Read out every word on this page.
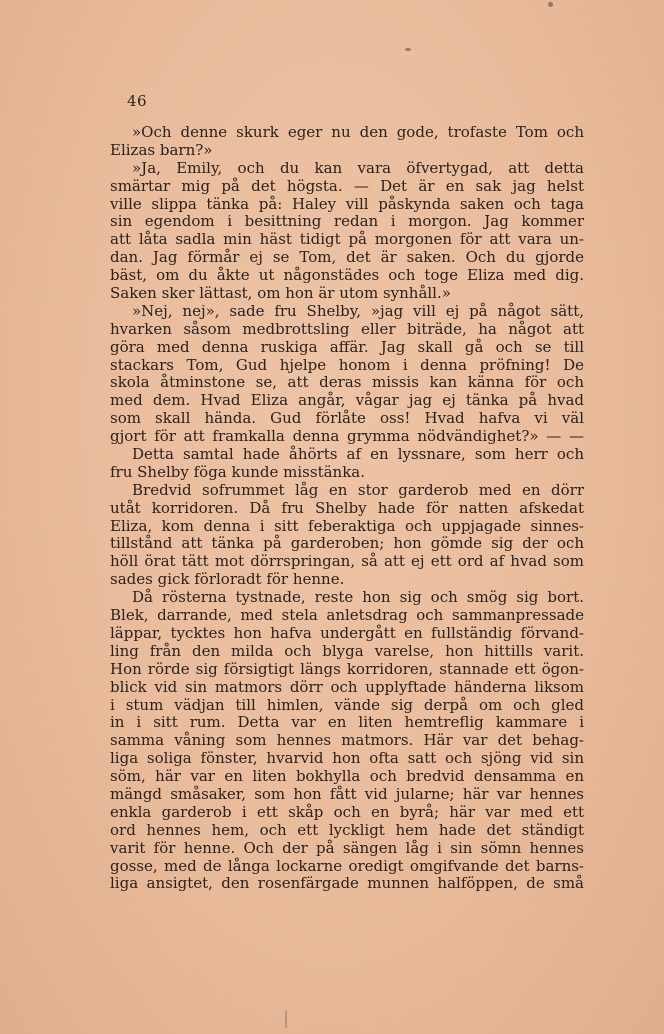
46
»Och denne skurk eger nu den gode, trofaste Tom och
Elizas barn?»
»Ja, Emily, och du kan vara öfvertygad, att detta
smärtar mig på det högsta. — Det är en sak jag helst
ville slippa tänka på: Haley vill påskynda saken och taga
sin egendom i besittning redan i morgon. Jag kommer
att låta sadla min häst tidigt på morgonen för att vara un-
dan. Jag förmår ej se Tom, det är saken. Och du gjorde
bäst, om du åkte ut någonstädes och toge Eliza med dig.
Saken sker lättast, om hon är utom synhåll.»
»Nej, nej», sade fru Shelby, »jag vill ej på något sätt,
hvarken såsom medbrottsling eller biträde, ha något att
göra med denna ruskiga affär. Jag skall gå och se till
stackars Tom, Gud hjelpe honom i denna pröfning! De
skola åtminstone se, att deras missis kan känna för och
med dem. Hvad Eliza angår, vågar jag ej tänka på hvad
som skall hända. Gud förlåte oss! Hvad hafva vi väl
gjort för att framkalla denna grymma nödvändighet?» — —
Detta samtal hade åhörts af en lyssnare, som herr och
fru Shelby föga kunde misstänka.
Bredvid sofrummet låg en stor garderob med en dörr
utåt korridoren. Då fru Shelby hade för natten afskedat
Eliza, kom denna i sitt feberaktiga och uppjagade sinnes-
tillstånd att tänka på garderoben; hon gömde sig der och
höll örat tätt mot dörrspringan, så att ej ett ord af hvad som
sades gick förloradt för henne.
Då rösterna tystnade, reste hon sig och smög sig bort.
Blek, darrande, med stela anletsdrag och sammanpressade
läppar, tycktes hon hafva undergått en fullständig förvand-
ling från den milda och blyga varelse, hon hittills varit.
Hon rörde sig försigtigt längs korridoren, stannade ett ögon-
blick vid sin matmors dörr och upplyftade händerna liksom
i stum vädjan till himlen, vände sig derpå om och gled
in i sitt rum. Detta var en liten hemtreflig kammare i
samma våning som hennes matmors. Här var det behag-
liga soliga fönster, hvarvid hon ofta satt och sjöng vid sin
söm, här var en liten bokhylla och bredvid densamma en
mängd småsaker, som hon fått vid jularne; här var hennes
enkla garderob i ett skåp och en byrå; här var med ett
ord hennes hem, och ett lyckligt hem hade det ständigt
varit för henne. Och der på sängen låg i sin sömn hennes
gosse, med de långa lockarne oredigt omgifvande det barns-
liga ansigtet, den rosenfärgade munnen halföppen, de små
